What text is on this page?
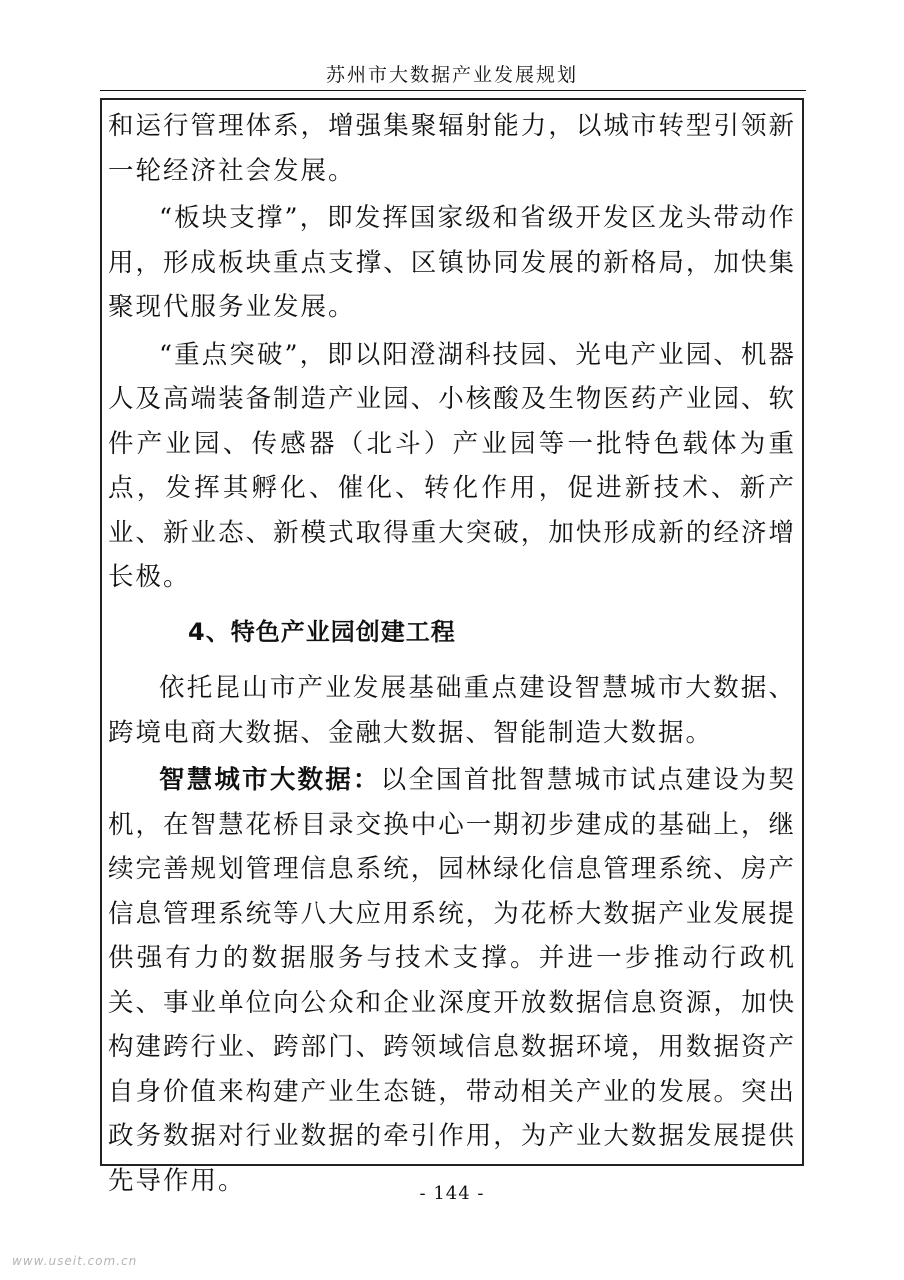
苏州市大数据产业发展规划

和运行管理体系，增强集聚辐射能力，以城市转型引领新一轮经济社会发展。

“板块支撑”，即发挥国家级和省级开发区龙头带动作用，形成板块重点支撑、区镇协同发展的新格局，加快集聚现代服务业发展。

“重点突破”，即以阳澄湖科技园、光电产业园、机器人及高端装备制造产业园、小核酸及生物医药产业园、软件产业园、传感器（北斗）产业园等一批特色载体为重点，发挥其孵化、催化、转化作用，促进新技术、新产业、新业态、新模式取得重大突破，加快形成新的经济增长极。

4、特色产业园创建工程

依托昆山市产业发展基础重点建设智慧城市大数据、跨境电商大数据、金融大数据、智能制造大数据。

智慧城市大数据：以全国首批智慧城市试点建设为契机，在智慧花桥目录交换中心一期初步建成的基础上，继续完善规划管理信息系统，园林绿化信息管理系统、房产信息管理系统等八大应用系统，为花桥大数据产业发展提供强有力的数据服务与技术支撑。并进一步推动行政机关、事业单位向公众和企业深度开放数据信息资源，加快构建跨行业、跨部门、跨领域信息数据环境，用数据资产自身价值来构建产业生态链，带动相关产业的发展。突出政务数据对行业数据的牵引作用，为产业大数据发展提供先导作用。	- 144 -
www.useit.com.cn
